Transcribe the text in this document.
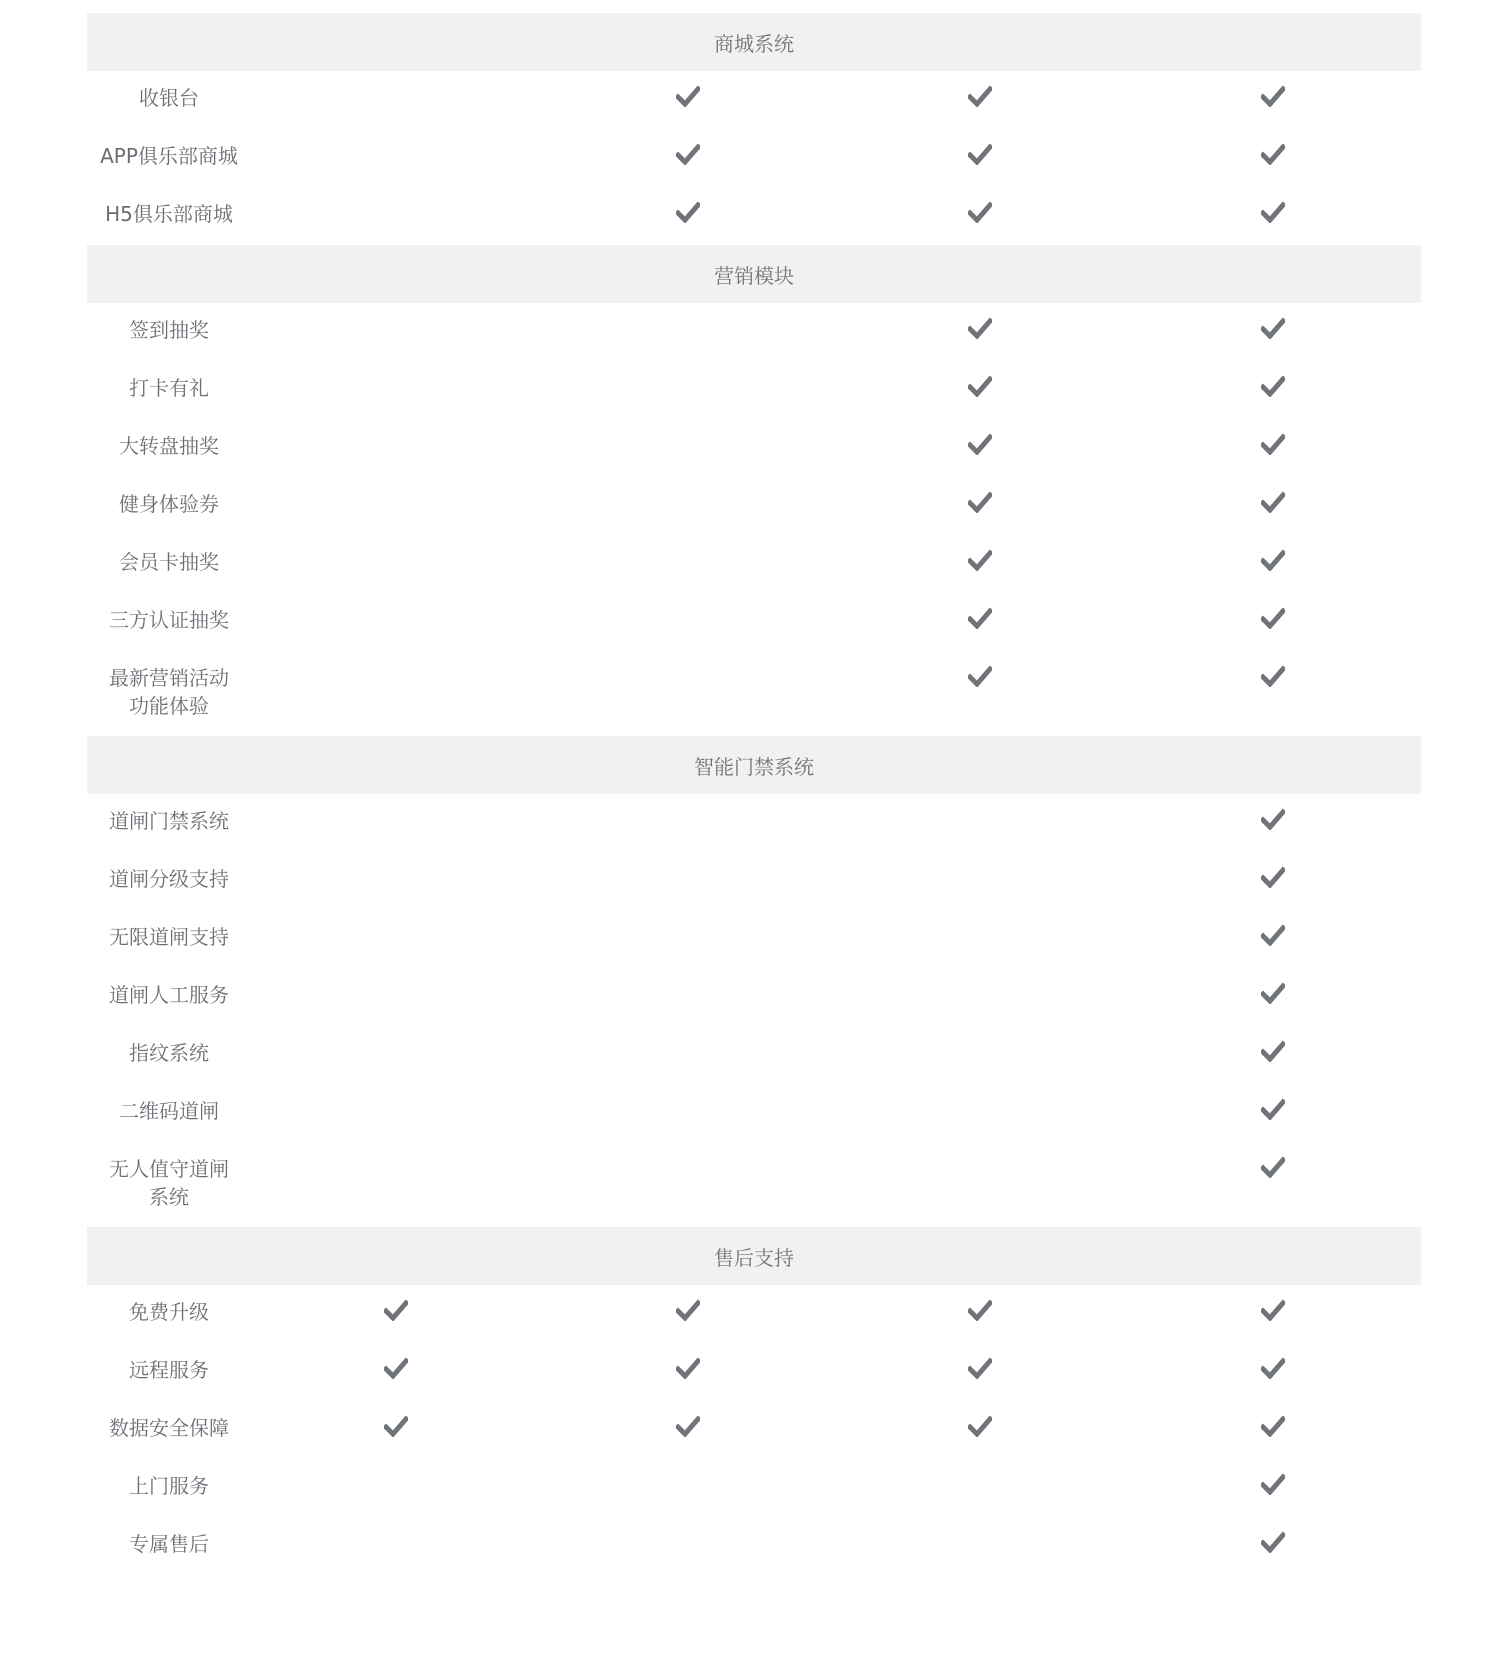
商城系统
收银台
APP俱乐部商城
H5俱乐部商城
营销模块
签到抽奖
打卡有礼
大转盘抽奖
健身体验券
会员卡抽奖
三方认证抽奖
最新营销活动
功能体验
智能门禁系统
道闸门禁系统
道闸分级支持
无限道闸支持
道闸人工服务
指纹系统
二维码道闸
无人值守道闸
系统
售后支持
免费升级
远程服务
数据安全保障
上门服务
专属售后
